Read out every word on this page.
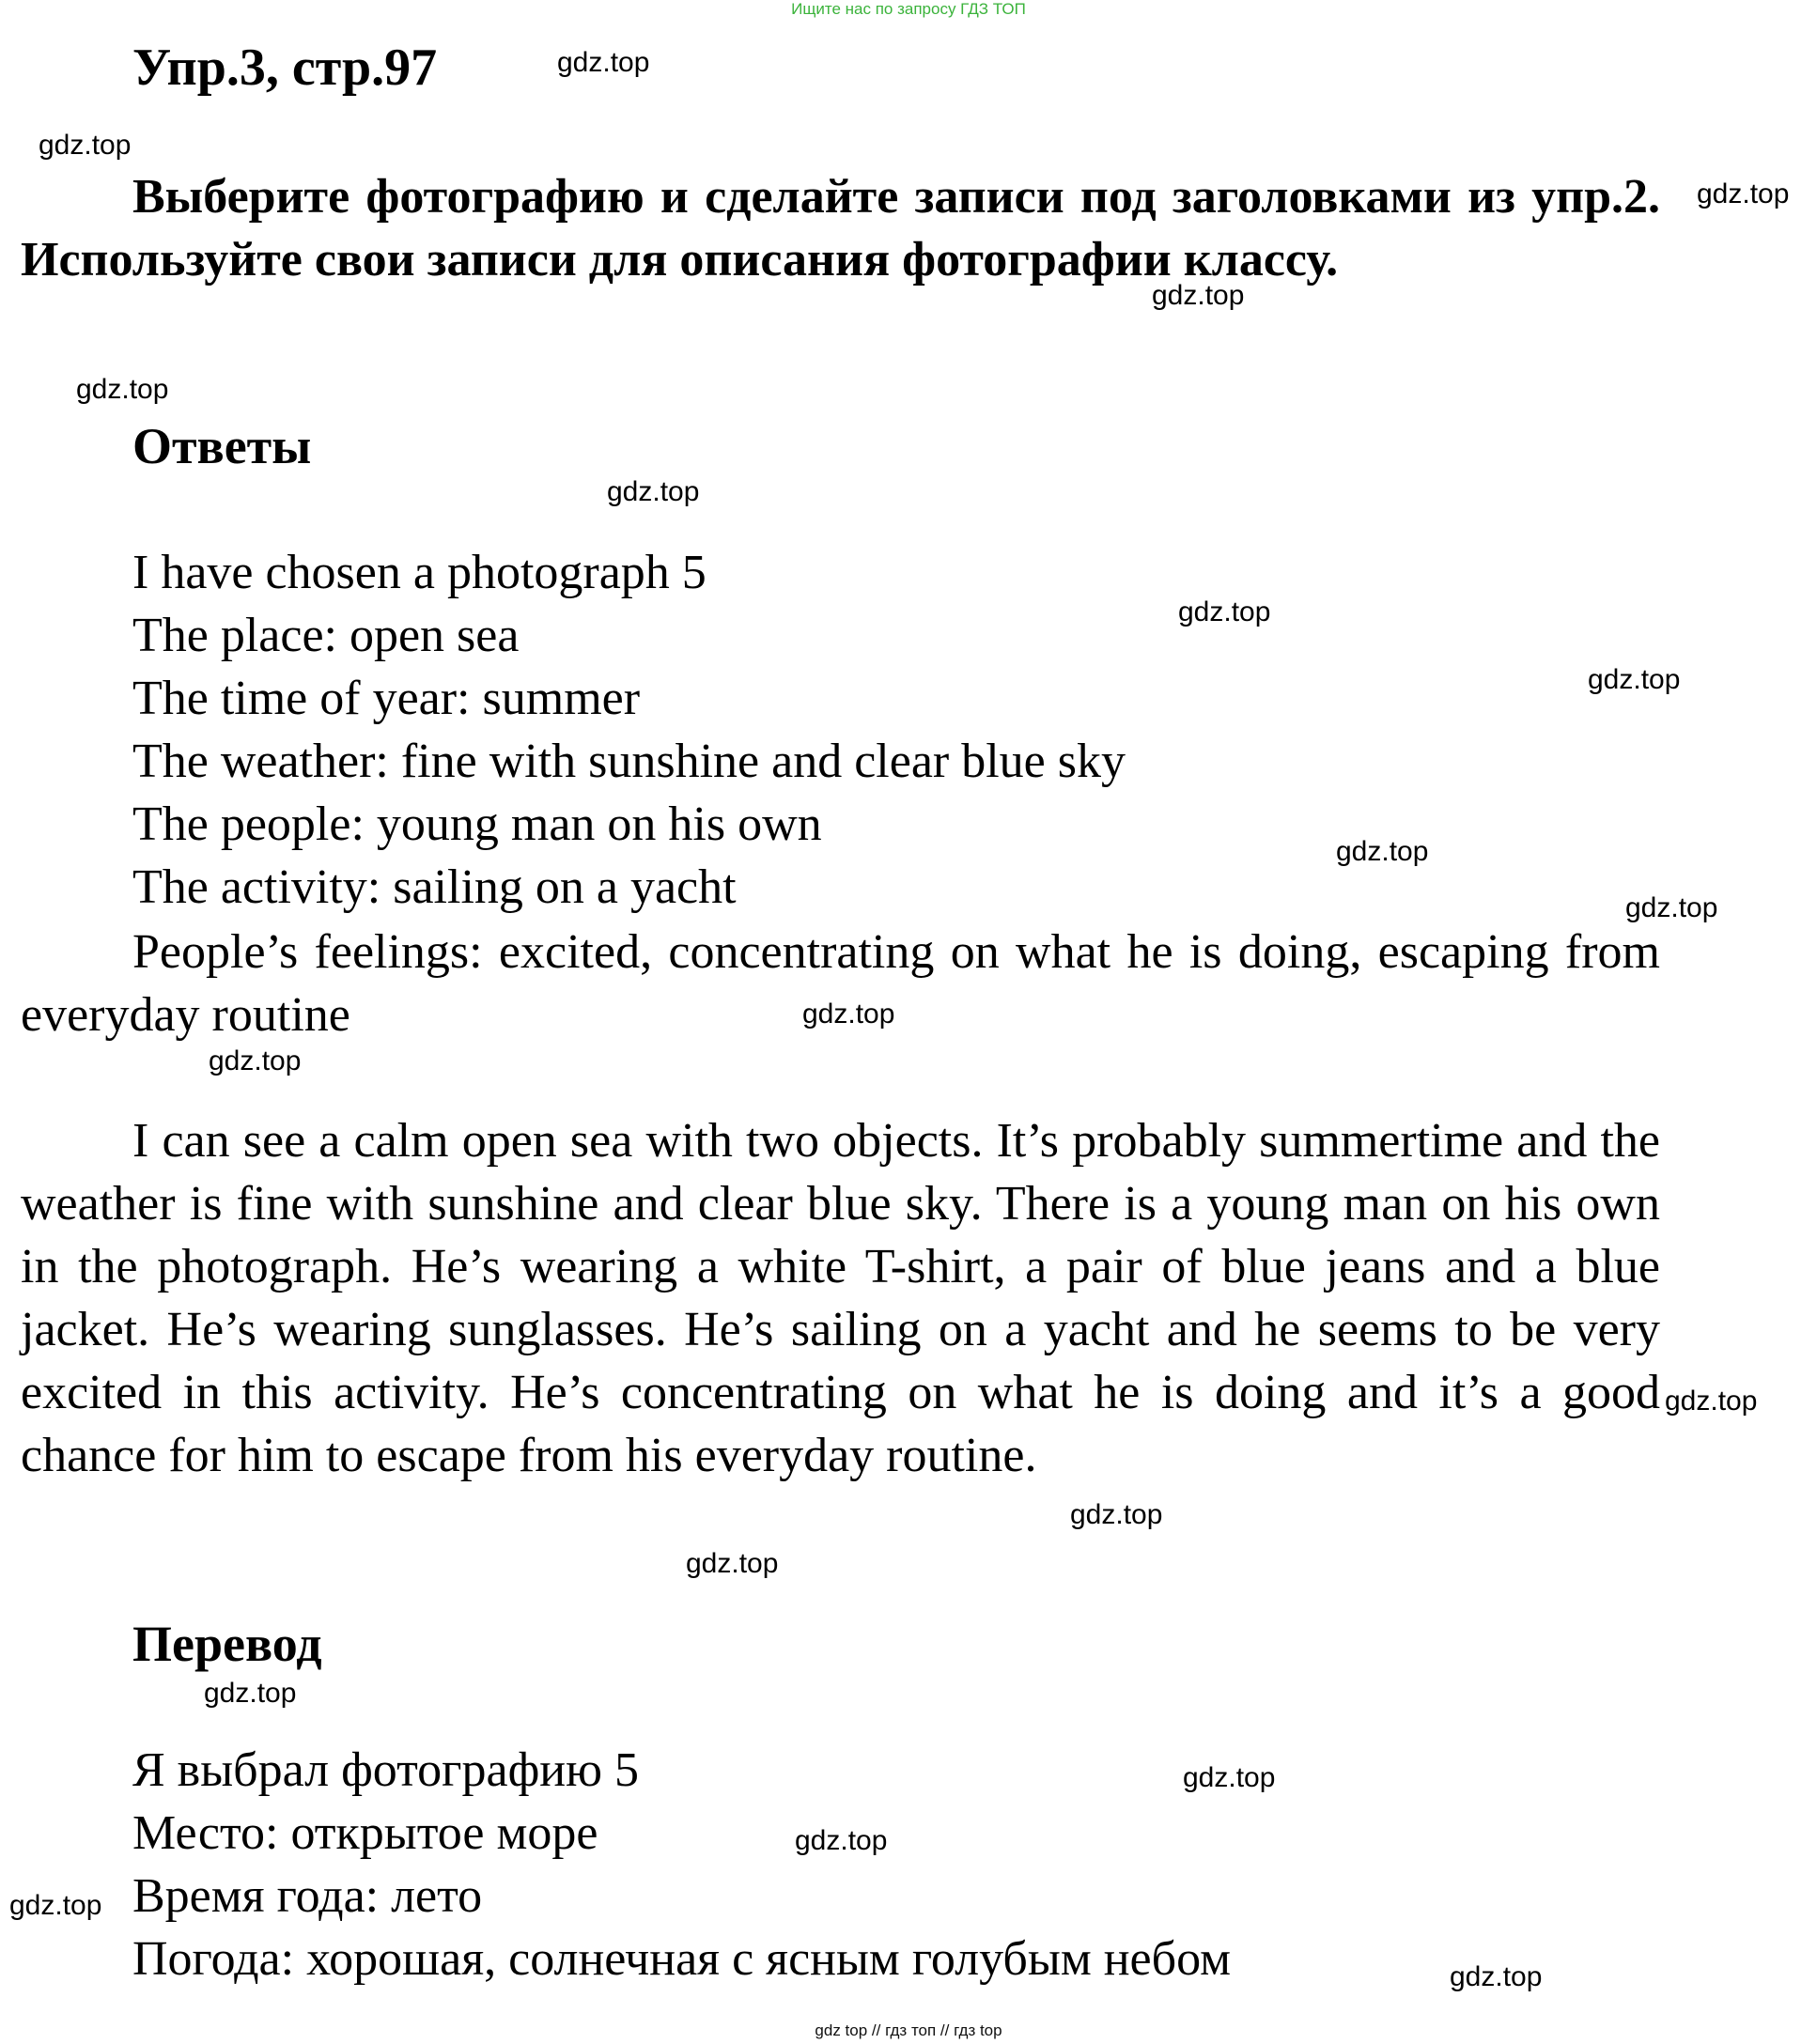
Ищите нас по запросу ГДЗ ТОП
Упр.3, стр.97
Выберите фотографию и сделайте записи под заголовками из упр.2. Используйте свои записи для описания фотографии классу.
Ответы
I have chosen a photograph 5
The place: open sea
The time of year: summer
The weather: fine with sunshine and clear blue sky
The people: young man on his own
The activity: sailing on a yacht
People’s feelings: excited, concentrating on what he is doing, escaping from everyday routine
I can see a calm open sea with two objects. It’s probably summertime and the weather is fine with sunshine and clear blue sky. There is a young man on his own in the photograph. He’s wearing a white T-shirt, a pair of blue jeans and a blue jacket. He’s wearing sunglasses. He’s sailing on a yacht and he seems to be very excited in this activity. He’s concentrating on what he is doing and it’s a good chance for him to escape from his everyday routine.
Перевод
Я выбрал фотографию 5
Место: открытое море
Время года: лето
Погода: хорошая, солнечная с ясным голубым небом
gdz.top
gdz.top
gdz.top
gdz.top
gdz.top
gdz.top
gdz.top
gdz.top
gdz.top
gdz.top
gdz.top
gdz.top
gdz.top
gdz.top
gdz.top
gdz.top
gdz.top
gdz.top
gdz.top
gdz.top
gdz top // гдз топ // гдз top
